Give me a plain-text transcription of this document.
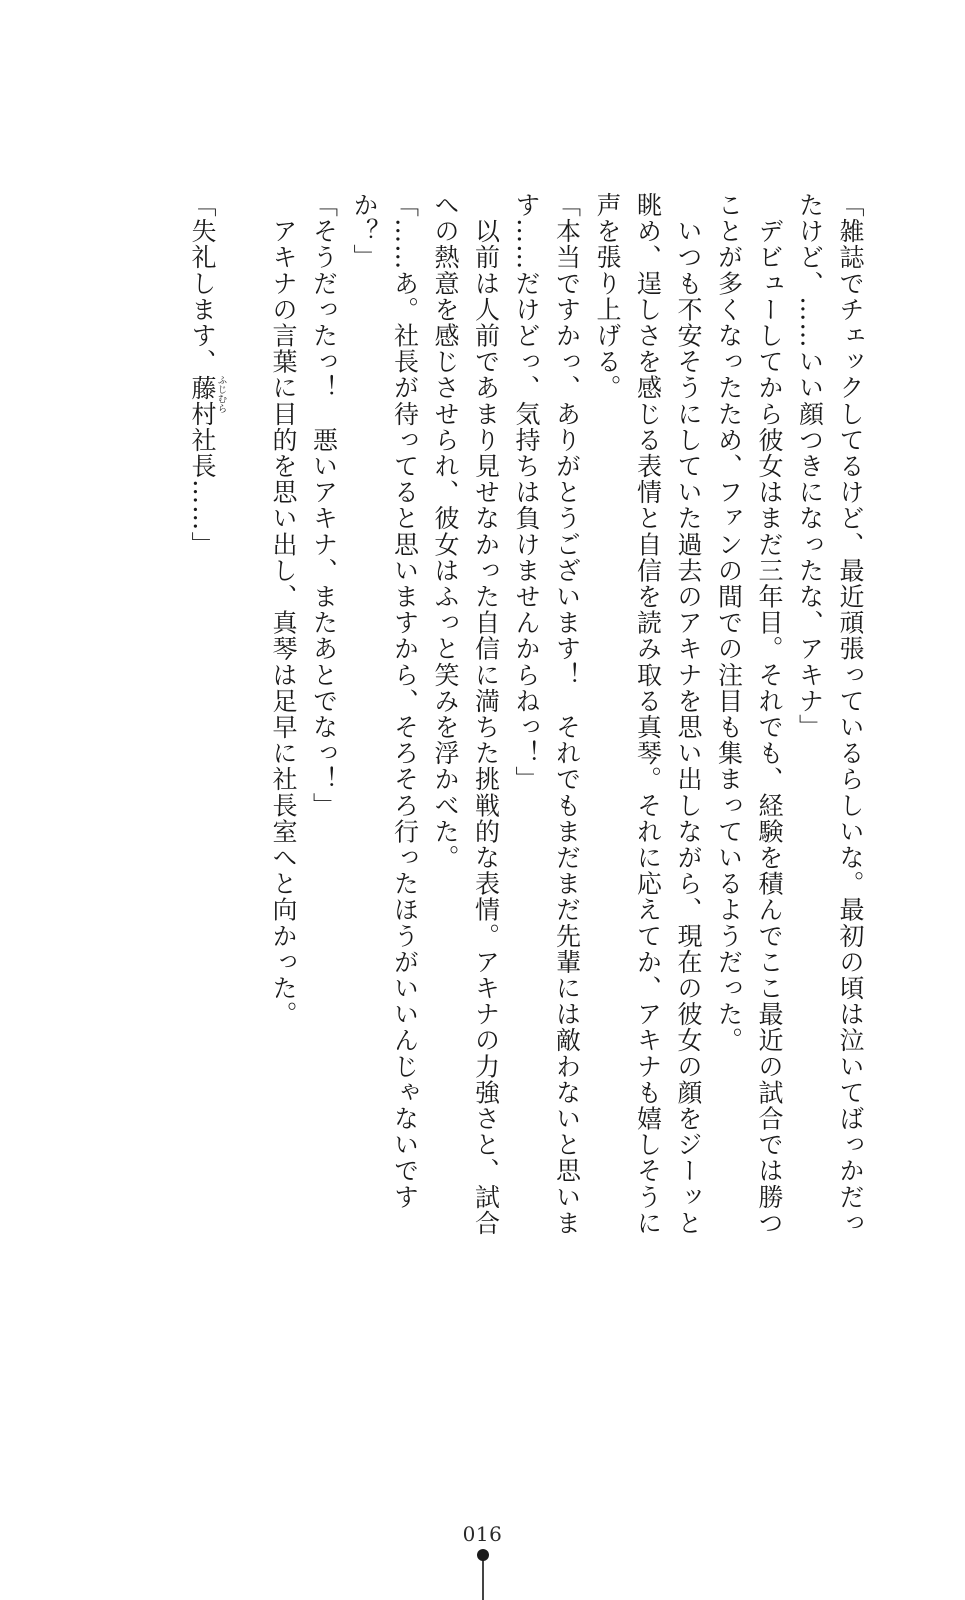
「雑誌でチェックしてるけど、最近頑張っているらしいな。最初の頃は泣いてばっかだっ
たけど、……いい顔つきになったな、アキナ」
　デビューしてから彼女はまだ三年目。それでも、経験を積んでここ最近の試合では勝つ
ことが多くなったため、ファンの間での注目も集まっているようだった。
　いつも不安そうにしていた過去のアキナを思い出しながら、現在の彼女の顔をジーッと
眺め、逞しさを感じる表情と自信を読み取る真琴。それに応えてか、アキナも嬉しそうに
声を張り上げる。
「本当ですかっ、ありがとうございます！　それでもまだまだ先輩には敵わないと思いま
す……だけどっ、気持ちは負けませんからねっ！」
　以前は人前であまり見せなかった自信に満ちた挑戦的な表情。アキナの力強さと、試合
への熱意を感じさせられ、彼女はふっと笑みを浮かべた。
「……あ。社長が待ってると思いますから、そろそろ行ったほうがいいんじゃないです
か？」
「そうだったっ！　悪いアキナ、またあとでなっ！」
　アキナの言葉に目的を思い出し、真琴は足早に社長室へと向かった。
「失礼します、藤村
ふじむら
社長……」
016
